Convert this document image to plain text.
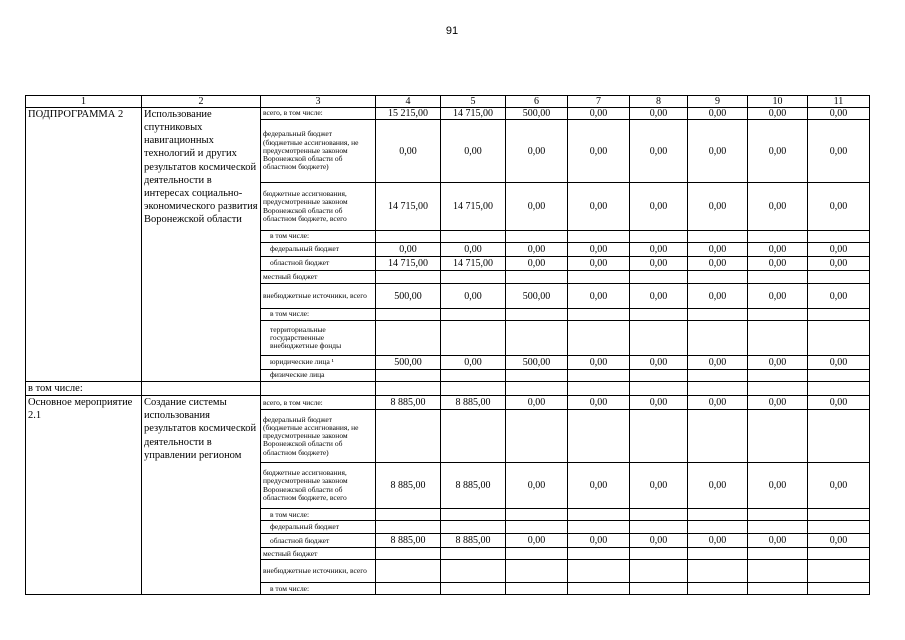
91
1	2	3	4	5	6	7	8	9	10	11
ПОДПРОГРАММА 2	Использование спутниковых навигационных технологий и других результатов космической деятельности в интересах социально-экономического развития Воронежской области	всего, в том числе:	15 215,00	14 715,00	500,00	0,00	0,00	0,00	0,00	0,00
		федеральный бюджет (бюджетные ассигнования, не предусмотренные законом Воронежской области об областном бюджете)	0,00	0,00	0,00	0,00	0,00	0,00	0,00	0,00
		бюджетные ассигнования, предусмотренные законом Воронежской области об областном бюджете, всего	14 715,00	14 715,00	0,00	0,00	0,00	0,00	0,00	0,00
		в том числе:								
		федеральный бюджет	0,00	0,00	0,00	0,00	0,00	0,00	0,00	0,00
		областной бюджет	14 715,00	14 715,00	0,00	0,00	0,00	0,00	0,00	0,00
		местный бюджет								
		внебюджетные источники, всего	500,00	0,00	500,00	0,00	0,00	0,00	0,00	0,00
		в том числе:								
		территориальные государственные внебюджетные фонды								
		юридические лица ¹	500,00	0,00	500,00	0,00	0,00	0,00	0,00	0,00
		физические лица								
в том числе:										
Основное мероприятие 2.1	Создание системы использования результатов космической деятельности в управлении регионом	всего, в том числе:	8 885,00	8 885,00	0,00	0,00	0,00	0,00	0,00	0,00
		федеральный бюджет (бюджетные ассигнования, не предусмотренные законом Воронежской области об областном бюджете)								
		бюджетные ассигнования, предусмотренные законом Воронежской области об областном бюджете, всего	8 885,00	8 885,00	0,00	0,00	0,00	0,00	0,00	0,00
		в том числе:								
		федеральный бюджет								
		областной бюджет	8 885,00	8 885,00	0,00	0,00	0,00	0,00	0,00	0,00
		местный бюджет								
		внебюджетные источники, всего								
		в том числе:								
